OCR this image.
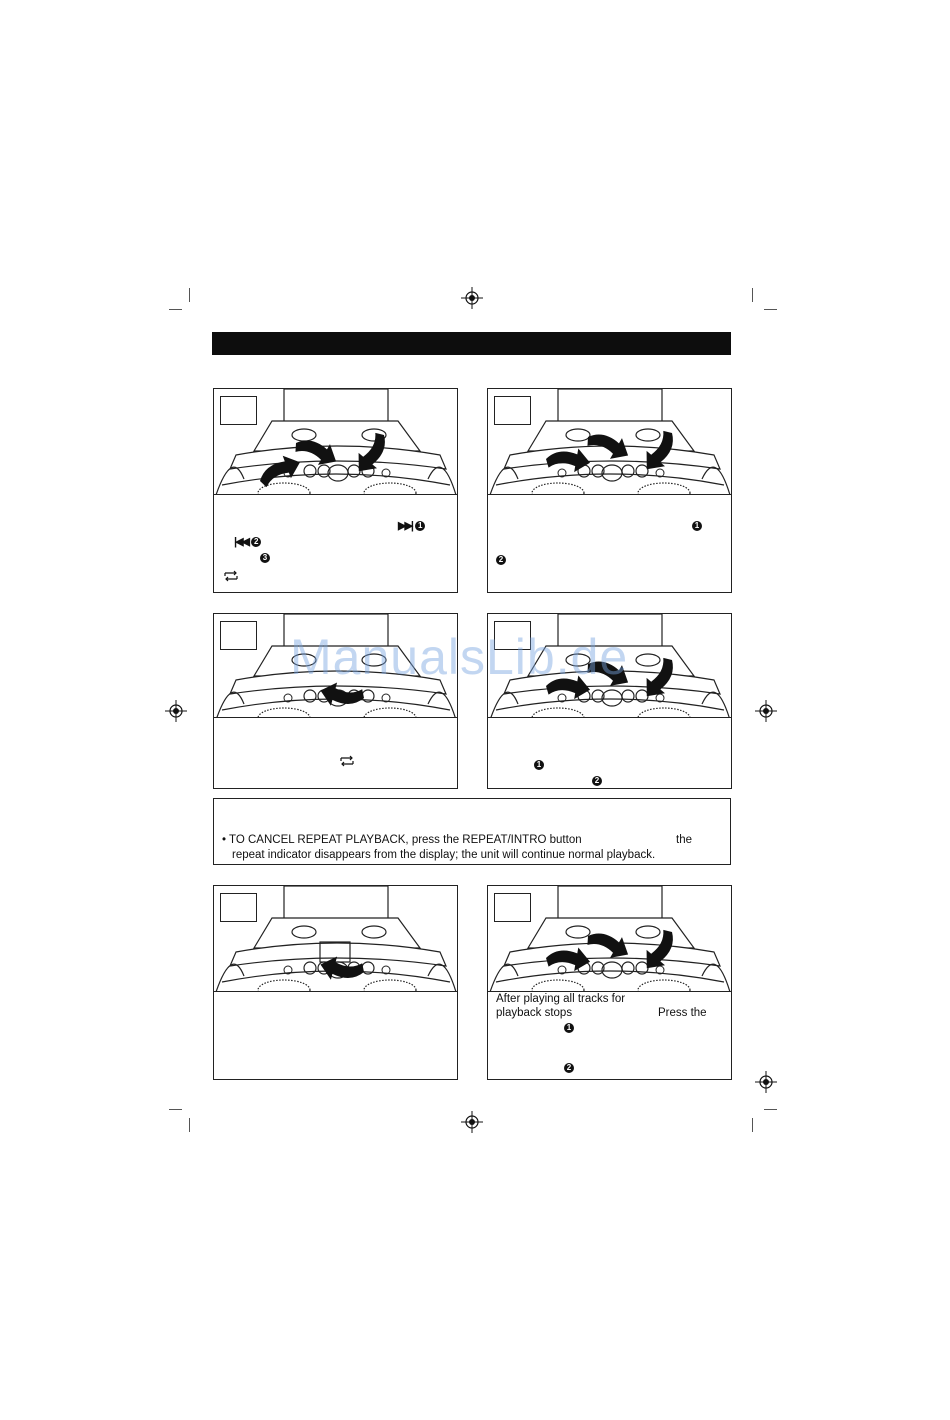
▶▶| 1
|◀◀ 2
3
1
2
1
2
• TO CANCEL REPEAT PLAYBACK, press the REPEAT/INTRO button	the
repeat indicator disappears from the display; the unit will continue normal playback.
After playing all tracks for
playback stops	Press the
1
2
ManualsLib.de
